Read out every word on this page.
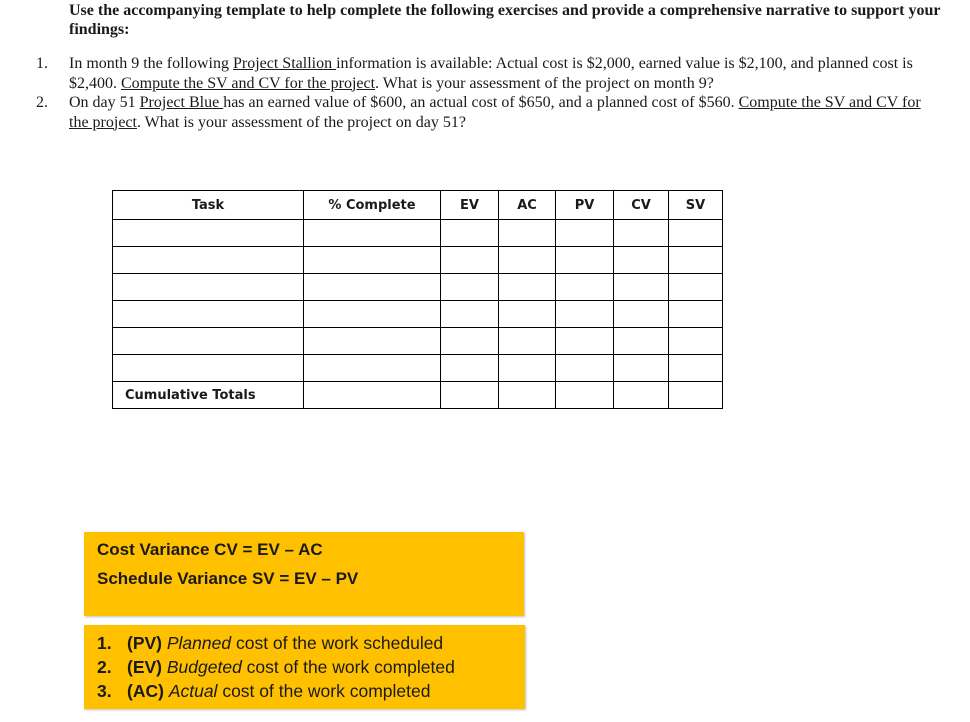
Use the accompanying template to help complete the following exercises and provide a comprehensive narrative to support your findings:
1. In month 9 the following Project Stallion information is available: Actual cost is $2,000, earned value is $2,100, and planned cost is $2,400. Compute the SV and CV for the project. What is your assessment of the project on month 9?
2. On day 51 Project Blue has an earned value of $600, an actual cost of $650, and a planned cost of $560. Compute the SV and CV for the project. What is your assessment of the project on day 51?
Task	% Complete	EV	AC	PV	CV	SV

Cumulative Totals						
Cost Variance CV = EV – AC
Schedule Variance SV = EV – PV
1. (PV) Planned cost of the work scheduled
2. (EV) Budgeted cost of the work completed
3. (AC) Actual cost of the work completed
